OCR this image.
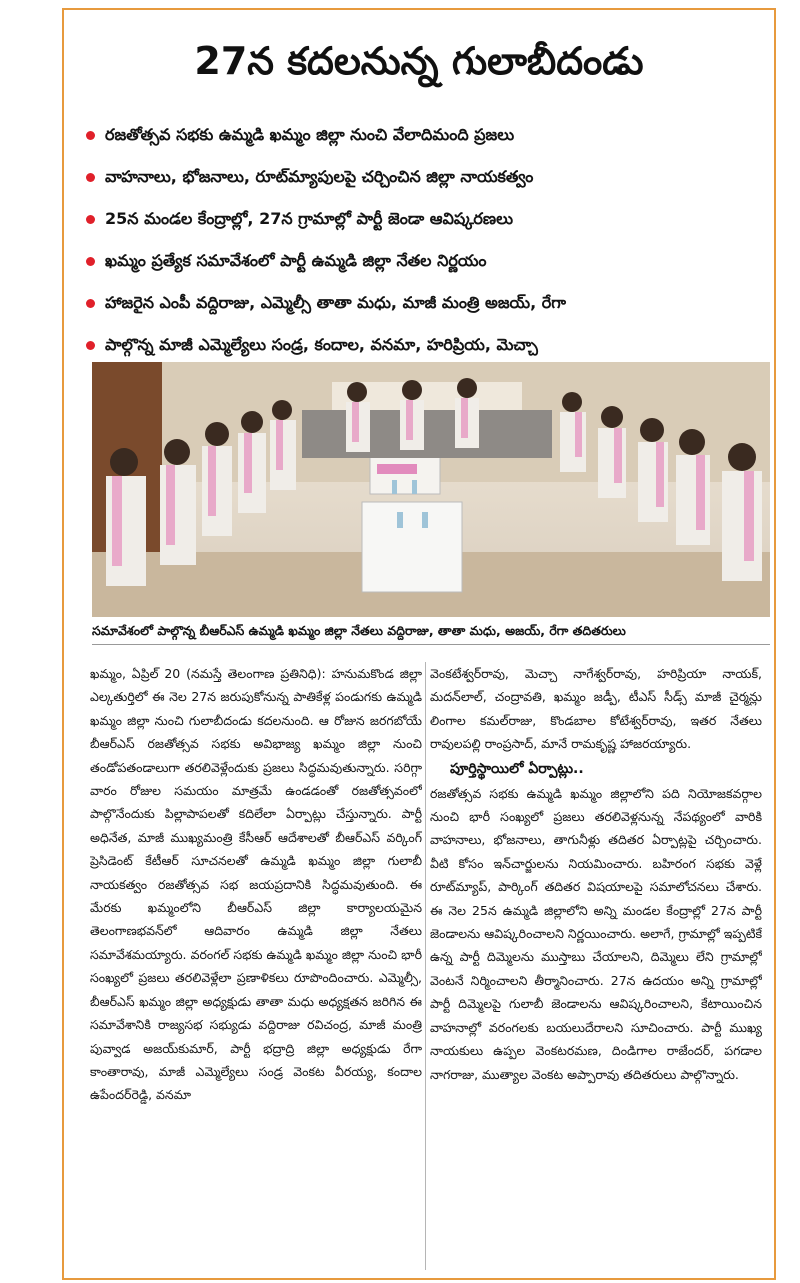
27న కదలనున్న గులాబీదండు
రజతోత్సవ సభకు ఉమ్మడి ఖమ్మం జిల్లా నుంచి వేలాదిమంది ప్రజలు
వాహనాలు, భోజనాలు, రూట్‌మ్యాపులపై చర్చించిన జిల్లా నాయకత్వం
25న మండల కేంద్రాల్లో, 27న గ్రామాల్లో పార్టీ జెండా ఆవిష్కరణలు
ఖమ్మం ప్రత్యేక సమావేశంలో పార్టీ ఉమ్మడి జిల్లా నేతల నిర్ణయం
హాజరైన ఎంపీ వద్దిరాజు, ఎమ్మెల్సీ తాతా మధు, మాజీ మంత్రి అజయ్, రేగా
పాల్గొన్న మాజీ ఎమ్మెల్యేలు సండ్ర, కందాల, వనమా, హరిప్రియ, మెచ్చా
సమావేశంలో పాల్గొన్న బీఆర్‌ఎస్ ఉమ్మడి ఖమ్మం జిల్లా నేతలు వద్దిరాజు, తాతా మధు, అజయ్, రేగా తదితరులు

ఖమ్మం, ఏప్రిల్ 20 (నమస్తే తెలంగాణ ప్రతినిధి): హనుమకొండ జిల్లా ఎల్కతుర్తిలో ఈ నెల 27న జరుపుకోనున్న పాతికేళ్ల పండుగకు ఉమ్మడి ఖమ్మం జిల్లా నుంచి గులాబీదండు కదలనుంది. ఆ రోజున జరగబోయే బీఆర్‌ఎస్ రజతోత్సవ సభకు అవిభాజ్య ఖమ్మం జిల్లా నుంచి తండోపతండాలుగా తరలివెళ్లేందుకు ప్రజలు సిద్ధమవుతున్నారు. సరిగ్గా వారం రోజుల సమయం మాత్రమే ఉండడంతో రజతోత్సవంలో పాల్గొనేందుకు పిల్లాపాపలతో కదిలేలా ఏర్పాట్లు చేస్తున్నారు. పార్టీ అధినేత, మాజీ ముఖ్యమంత్రి కేసీఆర్ ఆదేశాలతో బీఆర్‌ఎస్ వర్కింగ్ ప్రెసిడెంట్ కేటీఆర్ సూచనలతో ఉమ్మడి ఖమ్మం జిల్లా గులాబీ నాయకత్వం రజతోత్సవ సభ జయప్రదానికి సిద్ధమవుతుంది. ఈ మేరకు ఖమ్మంలోని బీఆర్‌ఎస్ జిల్లా కార్యాలయమైన తెలంగాణభవన్‌లో ఆదివారం ఉమ్మడి జిల్లా నేతలు సమావేశమయ్యారు. వరంగల్ సభకు ఉమ్మడి ఖమ్మం జిల్లా నుంచి భారీ సంఖ్యలో ప్రజలు తరలివెళ్లేలా ప్రణాళికలు రూపొందించారు. ఎమ్మెల్సీ, బీఆర్‌ఎస్ ఖమ్మం జిల్లా అధ్యక్షుడు తాతా మధు అధ్యక్షతన జరిగిన ఈ సమావేశానికి రాజ్యసభ సభ్యుడు వద్దిరాజు రవిచంద్ర, మాజీ మంత్రి పువ్వాడ అజయ్‌కుమార్, పార్టీ భద్రాద్రి జిల్లా అధ్యక్షుడు రేగా కాంతారావు, మాజీ ఎమ్మెల్యేలు సండ్ర వెంకట వీరయ్య, కందాల ఉపేందర్‌రెడ్డి, వనమా

వెంకటేశ్వర్‌రావు, మెచ్చా నాగేశ్వర్‌రావు, హరిప్రియా నాయక్, మదన్‌లాల్, చంద్రావతి, ఖమ్మం జడ్పీ, టీఎస్ సీడ్స్ మాజీ చైర్మన్లు లింగాల కమల్‌రాజు, కొండబాల కోటేశ్వర్‌రావు, ఇతర నేతలు రావులపల్లి రాంప్రసాద్, మానే రామకృష్ణ హాజరయ్యారు.

పూర్తిస్థాయిలో ఏర్పాట్లు..

రజతోత్సవ సభకు ఉమ్మడి ఖమ్మం జిల్లాలోని పది నియోజకవర్గాల నుంచి భారీ సంఖ్యలో ప్రజలు తరలివెళ్లనున్న నేపథ్యంలో వారికి వాహనాలు, భోజనాలు, తాగునీళ్లు తదితర ఏర్పాట్లపై చర్చించారు. వీటి కోసం ఇన్‌చార్జులను నియమించారు. బహిరంగ సభకు వెళ్లే రూట్‌మ్యాప్, పార్కింగ్ తదితర విషయాలపై సమాలోచనలు చేశారు. ఈ నెల 25న ఉమ్మడి జిల్లాలోని అన్ని మండల కేంద్రాల్లో 27న పార్టీ జెండాలను ఆవిష్కరించాలని నిర్ణయించారు. అలాగే, గ్రామాల్లో ఇప్పటికే ఉన్న పార్టీ దిమ్మెలను ముస్తాబు చేయాలని, దిమ్మెలు లేని గ్రామాల్లో వెంటనే నిర్మించాలని తీర్మానించారు. 27న ఉదయం అన్ని గ్రామాల్లో పార్టీ దిమ్మెలపై గులాబీ జెండాలను ఆవిష్కరించాలని, కేటాయించిన వాహనాల్లో వరంగలకు బయలుదేరాలని సూచించారు. పార్టీ ముఖ్య నాయకులు ఉప్పల వెంకటరమణ, దిండిగాల రాజేందర్, పగడాల నాగరాజు, ముత్యాల వెంకట అప్పారావు తదితరులు పాల్గొన్నారు.
